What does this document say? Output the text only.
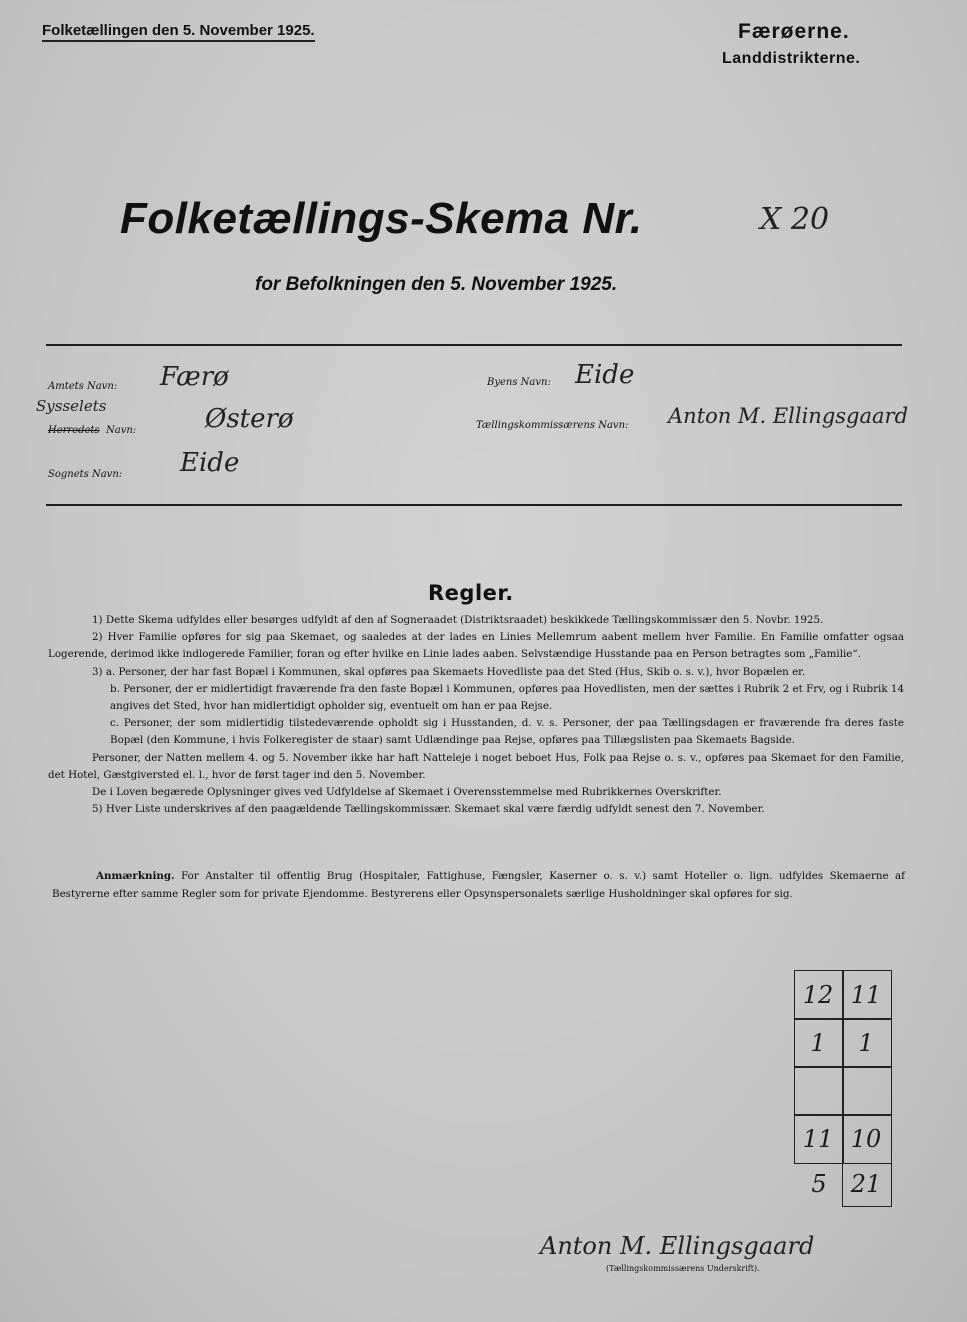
Folketællingen den 5. November 1925.	Færøerne.
Landdistrikterne.
Folketællings-Skema Nr.	X 20
for Befolkningen den 5. November 1925.
Amtets Navn: Færø
Sysselets
Herredets Navn:	Østerø
Sognets Navn: Eide
Byens Navn: Eide
Tællingskommissærens Navn: Anton M. Ellingsgaard
Regler.

1) Dette Skema udfyldes eller besørges udfyldt af den af Sogneraadet (Distriktsraadet) beskikkede Tællingskommissær den 5. Novbr. 1925.

2) Hver Familie opføres for sig paa Skemaet, og saaledes at der lades en Linies Mellemrum aabent mellem hver Familie. En Familie omfatter ogsaa Logerende, derimod ikke indlogerede Familier, foran og efter hvilke en Linie lades aaben. Selvstændige Husstande paa en Person betragtes som „Familie“.

3) a. Personer, der har fast Bopæl i Kommunen, skal opføres paa Skemaets Hovedliste paa det Sted (Hus, Skib o. s. v.), hvor Bopælen er.

b. Personer, der er midlertidigt fraværende fra den faste Bopæl i Kommunen, opføres paa Hovedlisten, men der sættes i Rubrik 2 et Frv, og i Rubrik 14 angives det Sted, hvor han midlertidigt opholder sig, eventuelt om han er paa Rejse.

c. Personer, der som midlertidig tilstedeværende opholdt sig i Husstanden, d. v. s. Personer, der paa Tællingsdagen er fraværende fra deres faste Bopæl (den Kommune, i hvis Folkeregister de staar) samt Udlændinge paa Rejse, opføres paa Tillægslisten paa Skemaets Bagside.

Personer, der Natten mellem 4. og 5. November ikke har haft Natteleje i noget beboet Hus, Folk paa Rejse o. s. v., opføres paa Skemaet for den Familie, det Hotel, Gæstgiversted el. l., hvor de først tager ind den 5. November.

De i Loven begærede Oplysninger gives ved Udfyldelse af Skemaet i Overensstemmelse med Rubrikkernes Overskrifter.

5) Hver Liste underskrives af den paagældende Tællingskommissær. Skemaet skal være færdig udfyldt senest den 7. November.

Anmærkning. For Anstalter til offentlig Brug (Hospitaler, Fattighuse, Fængsler, Kaserner o. s. v.) samt Hoteller o. lign. udfyldes Skemaerne af Bestyrerne efter samme Regler som for private Ejendomme. Bestyrerens eller Opsynspersonalets særlige Husholdninger skal opføres for sig.
12 11
1	1
11 10
5	21
Anton M. Ellingsgaard
(Tællingskommissærens Underskrift).
